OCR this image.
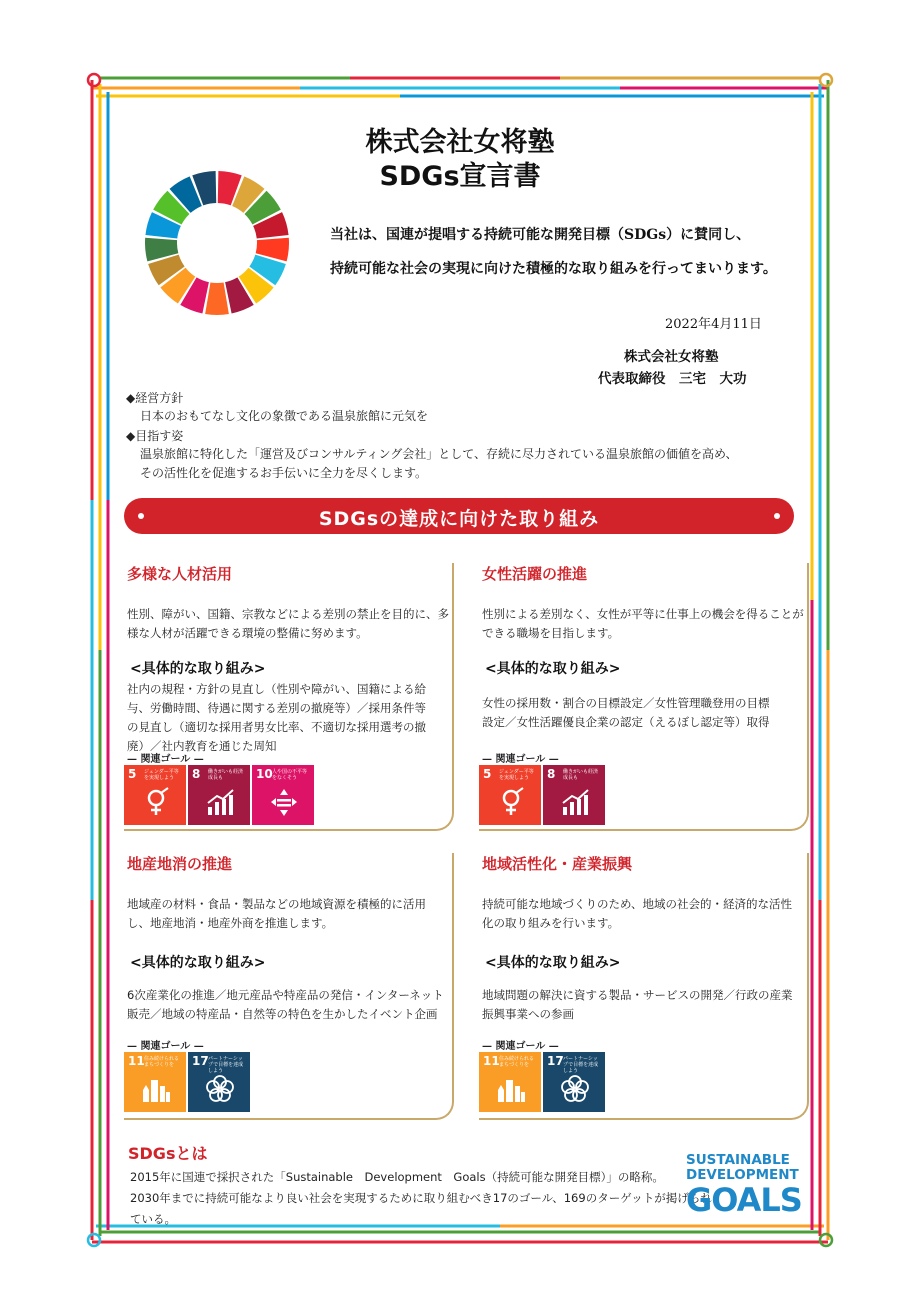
株式会社女将塾
SDGs宣言書
当社は、国連が提唱する持続可能な開発目標（SDGs）に賛同し、
持続可能な社会の実現に向けた積極的な取り組みを行ってまいります。
2022年4月11日
株式会社女将塾
代表取締役　三宅　大功
◆経営方針
日本のおもてなし文化の象徴である温泉旅館に元気を
◆目指す姿
温泉旅館に特化した「運営及びコンサルティング会社」として、存続に尽力されている温泉旅館の価値を高め、
その活性化を促進するお手伝いに全力を尽くします。
SDGsの達成に向けた取り組み
多様な人材活用
性別、障がい、国籍、宗教などによる差別の禁止を目的に、多
様な人材が活躍できる環境の整備に努めます。
<具体的な取り組み>
社内の規程・方針の見直し（性別や障がい、国籍による給
与、労働時間、待遇に関する差別の撤廃等）／採用条件等
の見直し（適切な採用者男女比率、不適切な採用選考の撤
廃）／社内教育を通じた周知
— 関連ゴール —
5 ジェンダー平等を実現しよう	8 働きがいも経済成長も	10 人や国の不平等をなくそう
女性活躍の推進
性別による差別なく、女性が平等に仕事上の機会を得ることが
できる職場を目指します。
<具体的な取り組み>
女性の採用数・割合の目標設定／女性管理職登用の目標
設定／女性活躍優良企業の認定（えるぼし認定等）取得
— 関連ゴール —
5 ジェンダー平等を実現しよう	8 働きがいも経済成長も
地産地消の推進
地域産の材料・食品・製品などの地域資源を積極的に活用
し、地産地消・地産外商を推進します。
<具体的な取り組み>
6次産業化の推進／地元産品や特産品の発信・インターネット
販売／地域の特産品・自然等の特色を生かしたイベント企画
— 関連ゴール —
11 住み続けられるまちづくりを	17 パートナーシップで目標を達成しよう
地域活性化・産業振興
持続可能な地域づくりのため、地域の社会的・経済的な活性
化の取り組みを行います。
<具体的な取り組み>
地域問題の解決に資する製品・サービスの開発／行政の産業
振興事業への参画
— 関連ゴール —
11 住み続けられるまちづくりを	17 パートナーシップで目標を達成しよう
SDGsとは
2015年に国連で採択された「Sustainable　Development　Goals（持続可能な開発目標）」の略称。
2030年までに持続可能なより良い社会を実現するために取り組むべき17のゴール、169のターゲットが掲げられ
ている。
SUSTAINABLE
DEVELOPMENT
GOALS
